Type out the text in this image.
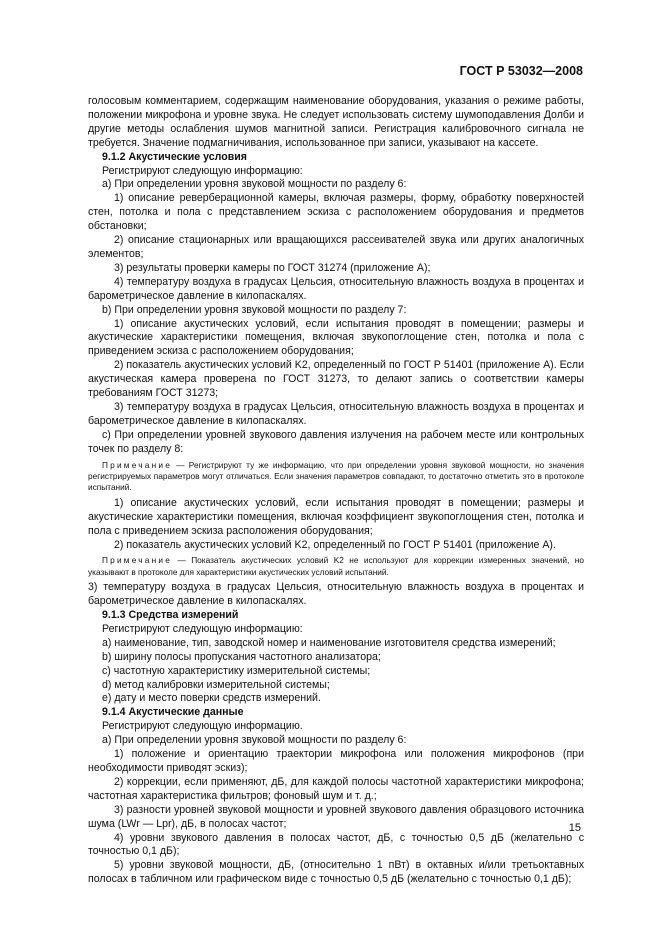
ГОСТ Р 53032—2008

голосовым комментарием, содержащим наименование оборудования, указания о режиме работы, положении микрофона и уровне звука. Не следует использовать систему шумоподавления Долби и другие методы ослабления шумов магнитной записи. Регистрация калибровочного сигнала не требуется. Значение подмагничивания, использованное при записи, указывают на кассете.

9.1.2 Акустические условия

Регистрируют следующую информацию:

a) При определении уровня звуковой мощности по разделу 6:

1) описание реверберационной камеры, включая размеры, форму, обработку поверхностей стен, потолка и пола с представлением эскиза с расположением оборудования и предметов обстановки;

2) описание стационарных или вращающихся рассеивателей звука или других аналогичных элементов;

3) результаты проверки камеры по ГОСТ 31274 (приложение А);

4) температуру воздуха в градусах Цельсия, относительную влажность воздуха в процентах и барометрическое давление в килопаскалях.

b) При определении уровня звуковой мощности по разделу 7:

1) описание акустических условий, если испытания проводят в помещении; размеры и акустические характеристики помещения, включая звукопоглощение стен, потолка и пола с приведением эскиза с расположением оборудования;

2) показатель акустических условий K2, определенный по ГОСТ Р 51401 (приложение А). Если акустическая камера проверена по ГОСТ 31273, то делают запись о соответствии камеры требованиям ГОСТ 31273;

3) температуру воздуха в градусах Цельсия, относительную влажность воздуха в процентах и барометрическое давление в килопаскалях.

c) При определении уровней звукового давления излучения на рабочем месте или контрольных точек по разделу 8:

Примечание — Регистрируют ту же информацию, что при определении уровня звуковой мощности, но значения регистрируемых параметров могут отличаться. Если значения параметров совпадают, то достаточно отметить это в протоколе испытаний.

1) описание акустических условий, если испытания проводят в помещении; размеры и акустические характеристики помещения, включая коэффициент звукопоглощения стен, потолка и пола с приведением эскиза расположения оборудования;

2) показатель акустических условий K2, определенный по ГОСТ Р 51401 (приложение А).

Примечание — Показатель акустических условий K2 не используют для коррекции измеренных значений, но указывают в протоколе для характеристики акустических условий испытаний.

3) температуру воздуха в градусах Цельсия, относительную влажность воздуха в процентах и барометрическое давление в килопаскалях.

9.1.3 Средства измерений

Регистрируют следующую информацию:

a) наименование, тип, заводской номер и наименование изготовителя средства измерений;

b) ширину полосы пропускания частотного анализатора;

c) частотную характеристику измерительной системы;

d) метод калибровки измерительной системы;

e) дату и место поверки средств измерений.

9.1.4 Акустические данные

Регистрируют следующую информацию.

a) При определении уровня звуковой мощности по разделу 6:

1) положение и ориентацию траектории микрофона или положения микрофонов (при необходимости приводят эскиз);

2) коррекции, если применяют, дБ, для каждой полосы частотной характеристики микрофона; частотная характеристика фильтров; фоновый шум и т. д.;

3) разности уровней звуковой мощности и уровней звукового давления образцового источника шума (LWr — Lpr), дБ, в полосах частот;

4) уровни звукового давления в полосах частот, дБ, с точностью 0,5 дБ (желательно с точностью 0,1 дБ);

5) уровни звуковой мощности, дБ, (относительно 1 пВт) в октавных и/или третьоктавных полосах в табличном или графическом виде с точностью 0,5 дБ (желательно с точностью 0,1 дБ);

15
